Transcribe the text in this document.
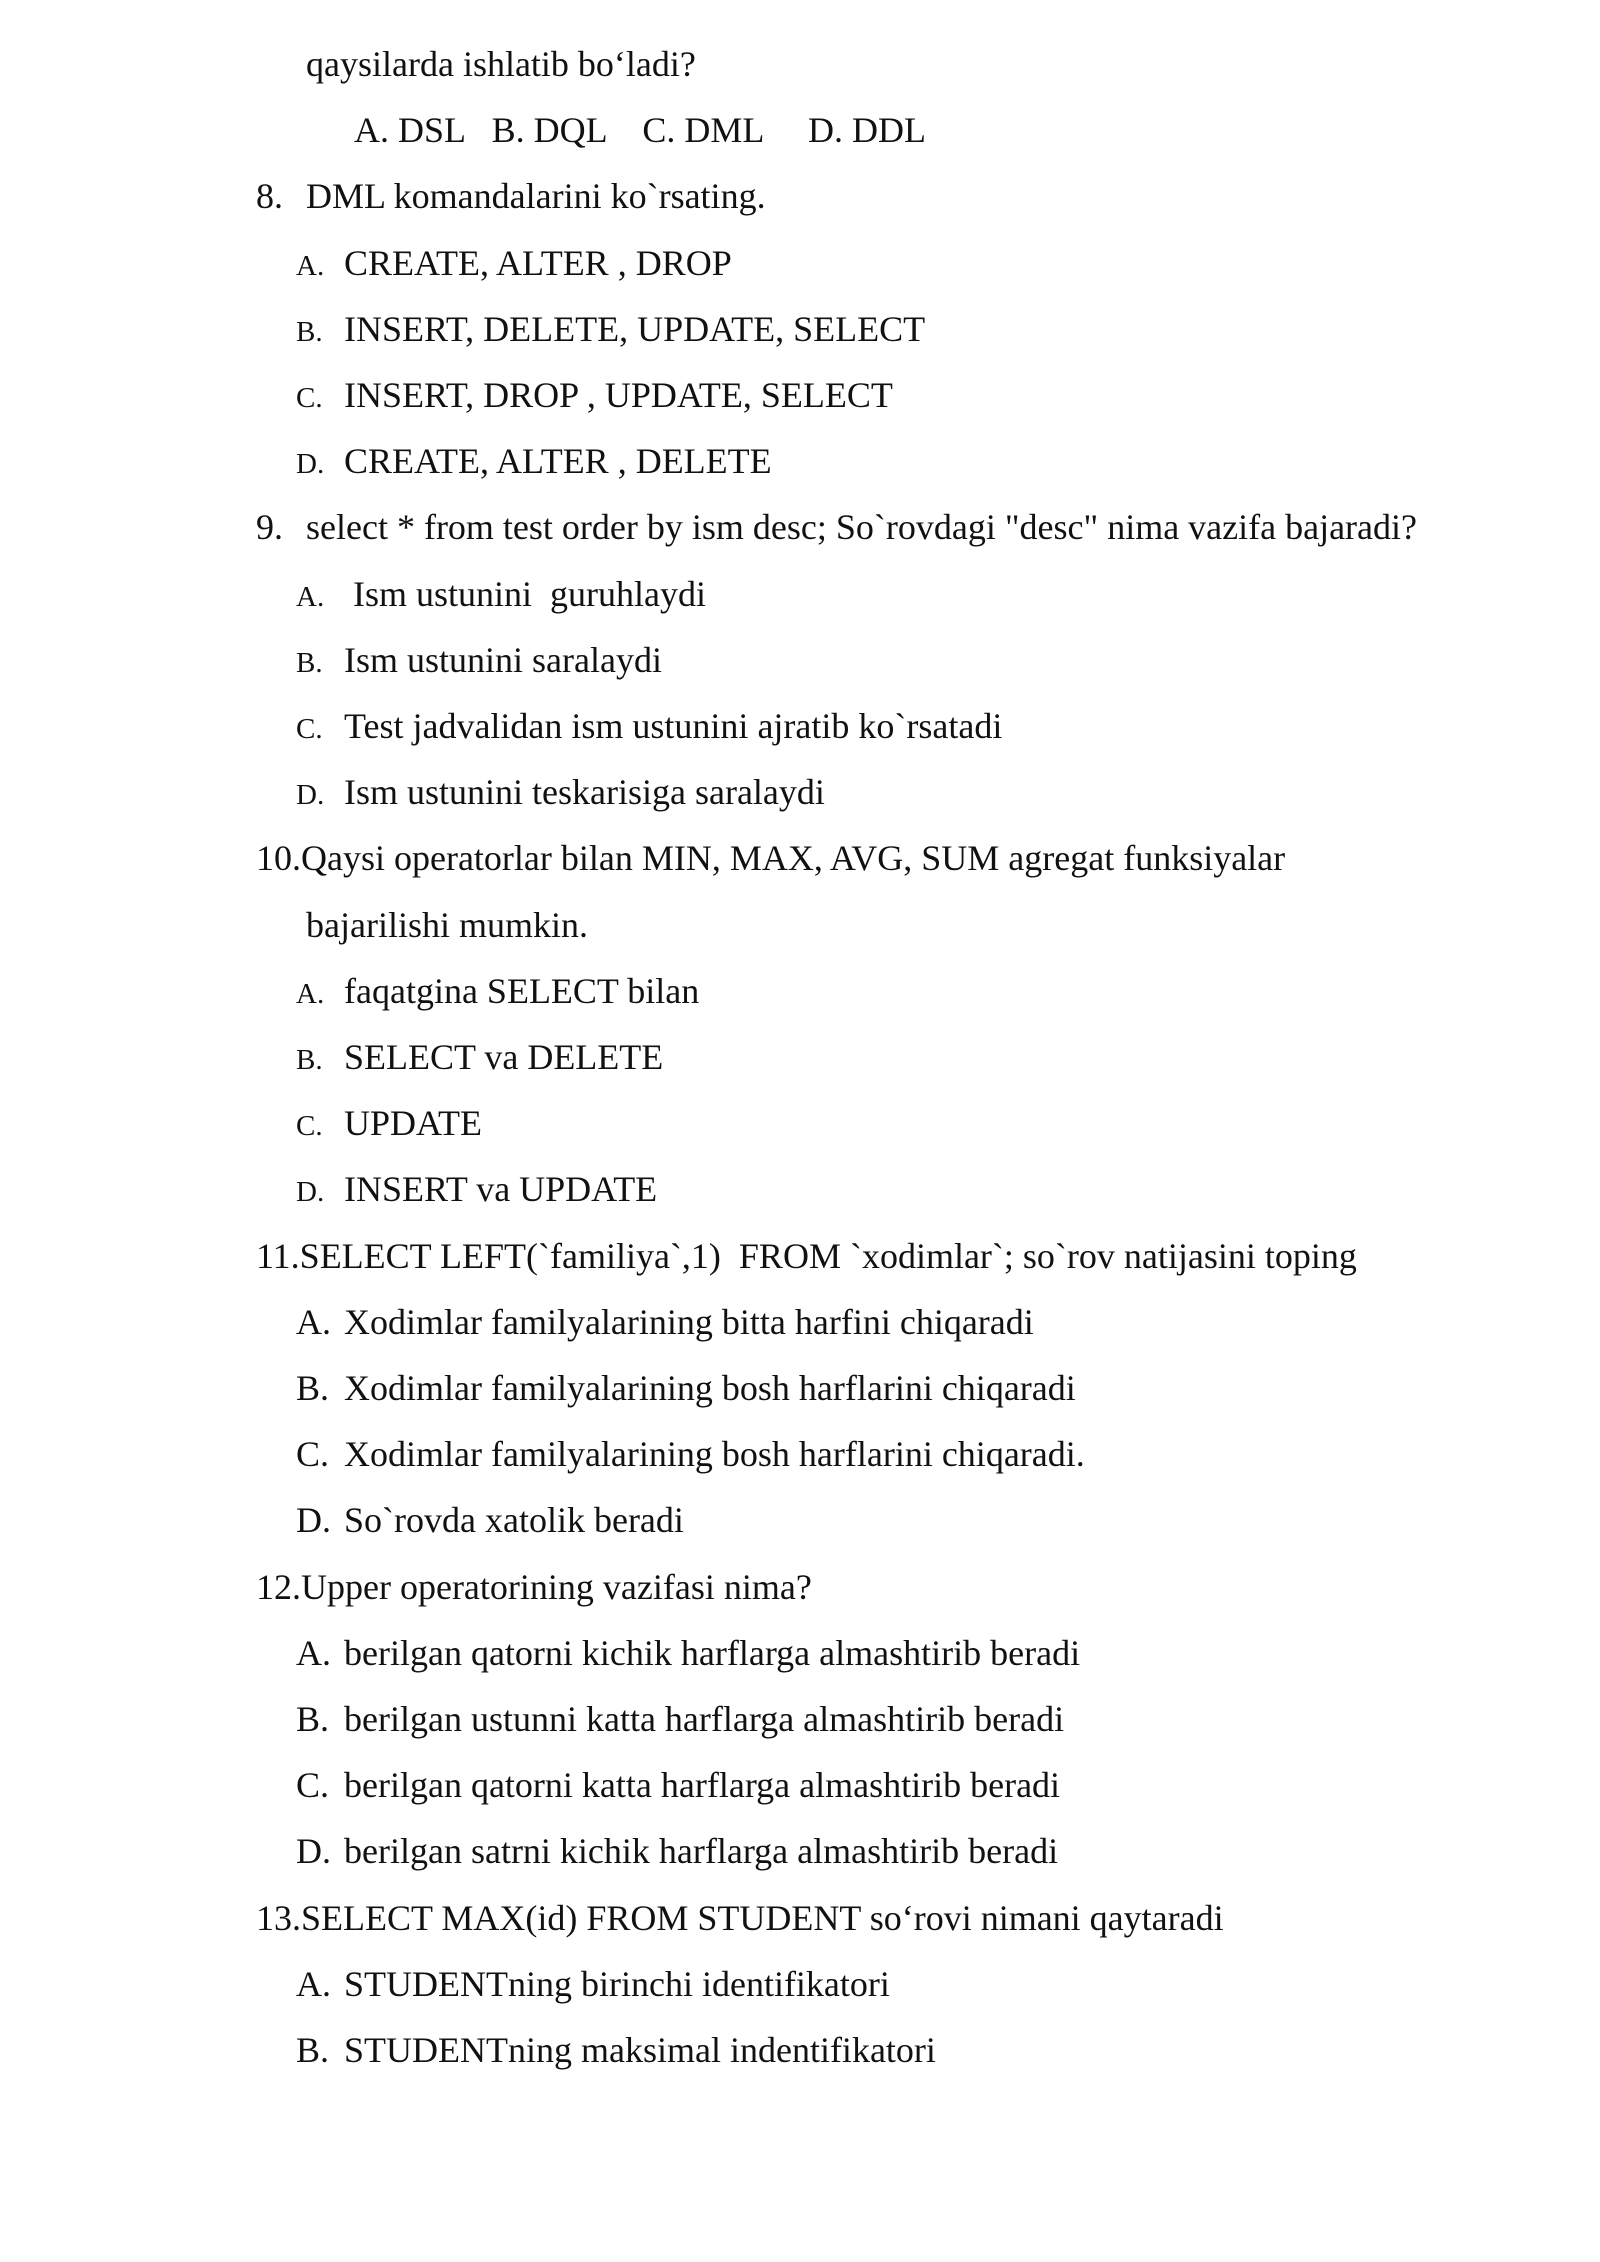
qaysilarda ishlatib bo‘ladi?
A. DSL   B. DQL    C. DML     D. DDL
8. DML komandalarini ko`rsating.
A. CREATE, ALTER , DROP
B. INSERT, DELETE, UPDATE, SELECT
C. INSERT, DROP , UPDATE, SELECT
D. CREATE, ALTER , DELETE
9. select * from test order by ism desc; So`rovdagi "desc" nima vazifa bajaradi?
A. Ism ustunini  guruhlaydi
B. Ism ustunini saralaydi
C. Test jadvalidan ism ustunini ajratib ko`rsatadi
D. Ism ustunini teskarisiga saralaydi
10.Qaysi operatorlar bilan MIN, MAX, AVG, SUM agregat funksiyalar
bajarilishi mumkin.
A. faqatgina SELECT bilan
B. SELECT va DELETE
C. UPDATE
D. INSERT va UPDATE
11.SELECT LEFT(`familiya`,1)  FROM `xodimlar`; so`rov natijasini toping
A. Xodimlar familyalarining bitta harfini chiqaradi
B. Xodimlar familyalarining bosh harflarini chiqaradi
C. Xodimlar familyalarining bosh harflarini chiqaradi.
D. So`rovda xatolik beradi
12.Upper operatorining vazifasi nima?
A. berilgan qatorni kichik harflarga almashtirib beradi
B. berilgan ustunni katta harflarga almashtirib beradi
C. berilgan qatorni katta harflarga almashtirib beradi
D. berilgan satrni kichik harflarga almashtirib beradi
13.SELECT MAX(id) FROM STUDENT so‘rovi nimani qaytaradi
A. STUDENTning birinchi identifikatori
B. STUDENTning maksimal indentifikatori
